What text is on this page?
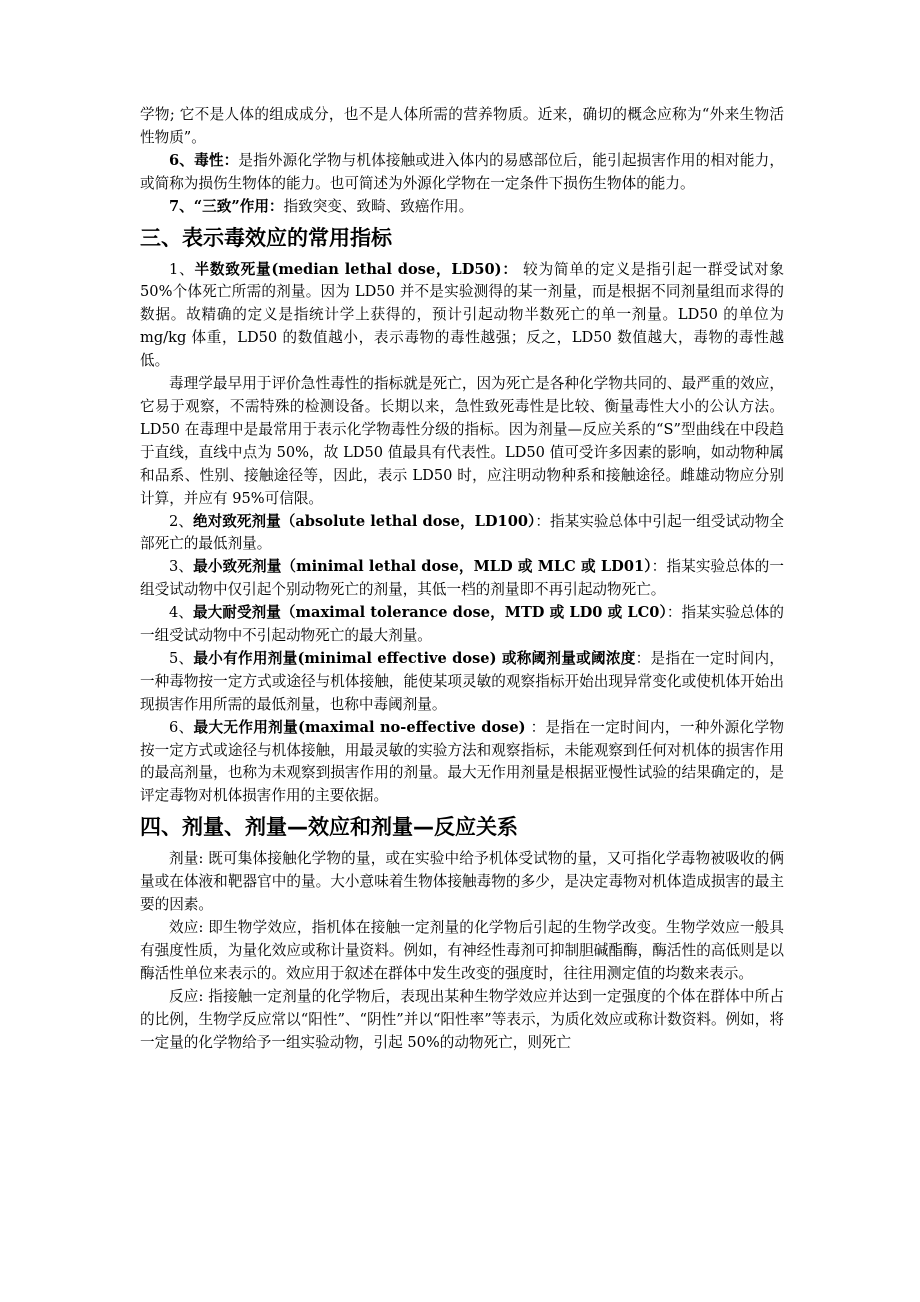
学物; 它不是人体的组成成分，也不是人体所需的营养物质。近来，确切的概念应称为“外来生物活性物质”。

6、毒性：是指外源化学物与机体接触或进入体内的易感部位后，能引起损害作用的相对能力，或简称为损伤生物体的能力。也可简述为外源化学物在一定条件下损伤生物体的能力。

7、“三致”作用：指致突变、致畸、致癌作用。

三、表示毒效应的常用指标

1、半数致死量(median lethal dose，LD50)： 较为简单的定义是指引起一群受试对象 50%个体死亡所需的剂量。因为 LD50 并不是实验测得的某一剂量，而是根据不同剂量组而求得的数据。故精确的定义是指统计学上获得的，预计引起动物半数死亡的单一剂量。LD50 的单位为 mg/kg 体重，LD50 的数值越小，表示毒物的毒性越强；反之，LD50 数值越大，毒物的毒性越低。

毒理学最早用于评价急性毒性的指标就是死亡，因为死亡是各种化学物共同的、最严重的效应，它易于观察，不需特殊的检测设备。长期以来，急性致死毒性是比较、衡量毒性大小的公认方法。LD50 在毒理中是最常用于表示化学物毒性分级的指标。因为剂量—反应关系的“S”型曲线在中段趋于直线，直线中点为 50%，故 LD50 值最具有代表性。LD50 值可受许多因素的影响，如动物种属和品系、性别、接触途径等，因此，表示 LD50 时，应注明动物种系和接触途径。雌雄动物应分别计算，并应有 95%可信限。

2、绝对致死剂量（absolute lethal dose，LD100）：指某实验总体中引起一组受试动物全部死亡的最低剂量。

3、最小致死剂量（minimal lethal dose，MLD 或 MLC 或 LD01）：指某实验总体的一组受试动物中仅引起个别动物死亡的剂量，其低一档的剂量即不再引起动物死亡。

4、最大耐受剂量（maximal tolerance dose，MTD 或 LD0 或 LC0）：指某实验总体的一组受试动物中不引起动物死亡的最大剂量。

5、最小有作用剂量(minimal effective dose) 或称阈剂量或阈浓度：是指在一定时间内，一种毒物按一定方式或途径与机体接触，能使某项灵敏的观察指标开始出现异常变化或使机体开始出现损害作用所需的最低剂量，也称中毒阈剂量。

6、最大无作用剂量(maximal no-effective dose) ：是指在一定时间内，一种外源化学物按一定方式或途径与机体接触，用最灵敏的实验方法和观察指标，未能观察到任何对机体的损害作用的最高剂量，也称为未观察到损害作用的剂量。最大无作用剂量是根据亚慢性试验的结果确定的，是评定毒物对机体损害作用的主要依据。

四、剂量、剂量—效应和剂量—反应关系

剂量: 既可集体接触化学物的量，或在实验中给予机体受试物的量，又可指化学毒物被吸收的俩量或在体液和靶器官中的量。大小意味着生物体接触毒物的多少，是决定毒物对机体造成损害的最主要的因素。

效应: 即生物学效应，指机体在接触一定剂量的化学物后引起的生物学改变。生物学效应一般具有强度性质，为量化效应或称计量资料。例如，有神经性毒剂可抑制胆碱酯酶，酶活性的高低则是以酶活性单位来表示的。效应用于叙述在群体中发生改变的强度时，往往用测定值的均数来表示。

反应: 指接触一定剂量的化学物后，表现出某种生物学效应并达到一定强度的个体在群体中所占的比例，生物学反应常以“阳性”、“阴性”并以“阳性率”等表示，为质化效应或称计数资料。例如，将一定量的化学物给予一组实验动物，引起 50%的动物死亡，则死亡
